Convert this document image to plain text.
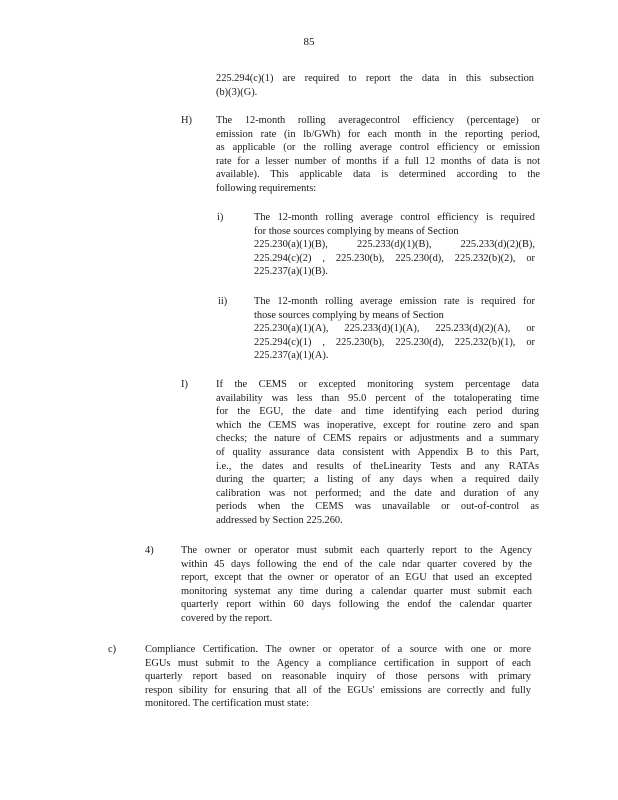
85
225.294(c)(1) are required to report the data in this subsection
(b)(3)(G).
H) The 12-month rolling averagecontrol efficiency (percentage) or
emission rate (in lb/GWh) for each month in the reporting period,
as applicable (or the rolling average control efficiency or emission
rate for a lesser number of months if a full 12 months of data is not
available). This applicable data is determined according to the
following requirements:
i)	The 12-month rolling average control efficiency is required
for those sources complying by means of Section
225.230(a)(1)(B), 225.233(d)(1)(B), 225.233(d)(2)(B),
225.294(c)(2) , 225.230(b), 225.230(d), 225.232(b)(2), or
225.237(a)(1)(B).
ii)	The 12-month rolling average emission rate is required for
those sources complying by means of Section
225.230(a)(1)(A), 225.233(d)(1)(A), 225.233(d)(2)(A), or
225.294(c)(1) , 225.230(b), 225.230(d), 225.232(b)(1), or
225.237(a)(1)(A).
I)	If the CEMS or excepted monitoring system percentage data
availability was less than 95.0 percent of the totaloperating time
for the EGU, the date and time identifying each period during
which the CEMS was inoperative, except for routine zero and span
checks; the nature of CEMS repairs or adjustments and a summary
of quality assurance data consistent with Appendix B to this Part,
i.e., the dates and results of theLinearity Tests and any RATAs
during the quarter; a listing of any days when a required daily
calibration was not performed; and the date and duration of any
periods when the CEMS was unavailable or out-of-control as
addressed by Section 225.260.
4)	The owner or operator must submit each quarterly report to the Agency
within 45 days following the end of the cale ndar quarter covered by the
report, except that the owner or operator of an EGU that used an excepted
monitoring systemat any time during a calendar quarter must submit each
quarterly report within 60 days following the endof the calendar quarter
covered by the report.
c)	Compliance Certification. The owner or operator of a source with one or more
EGUs must submit to the Agency a compliance certification in support of each
quarterly report based on reasonable inquiry of those persons with primary
respon sibility for ensuring that all of the EGUs' emissions are correctly and fully
monitored. The certification must state:
